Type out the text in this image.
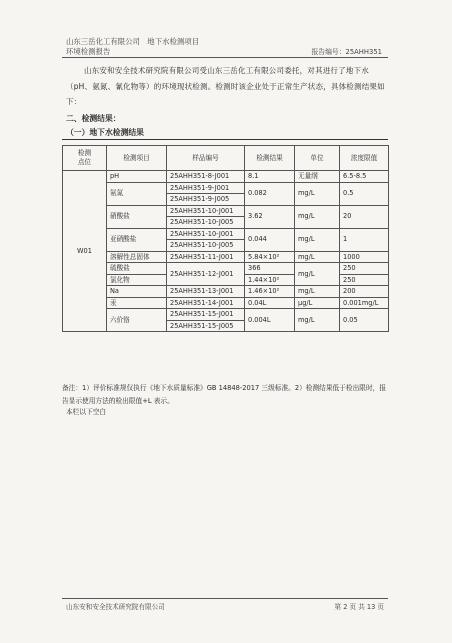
山东三岳化工有限公司　地下水检测项目
环境检测报告	报告编号：25AHH351
山东安和安全技术研究院有限公司受山东三岳化工有限公司委托，对其进行了地下水（pH、氨氮、氰化物等）的环境现状检测。检测时该企业处于正常生产状态，具体检测结果如下：
二、检测结果：
（一）地下水检测结果
检测
点位	检测项目	样品编号	检测结果	单位	浓度限值
W01	pH	25AHH351-8-J001	8.1	无量纲	6.5-8.5
	氨氮	25AHH351-9-J001	0.082	mg/L	0.5
		25AHH351-9-J005			
	硝酸盐	25AHH351-10-J001	3.62	mg/L	20
		25AHH351-10-J005			
	亚硝酸盐	25AHH351-10-J001	0.044	mg/L	1
		25AHH351-10-J005			
	溶解性总固体	25AHH351-11-J001	5.84×10²	mg/L	1000

	硫酸盐	25AHH351-12-J001	366	mg/L	250
	氯化物		1.44×10²		250
	Na	25AHH351-13-J001	1.46×10²	mg/L	200
	汞	25AHH351-14-J001	0.04L	μg/L	0.001mg/L
	六价铬	25AHH351-15-J001	0.004L	mg/L	0.05

		25AHH351-15-J005			

备注：1）评价标准规仅执行《地下水质量标准》GB 14848-2017 三级标准。2）检测结果低于检出限时，报告显示使用方法的检出限值+L 表示。
本栏以下空白
山东安和安全技术研究院有限公司	第 2 页 共 13 页
